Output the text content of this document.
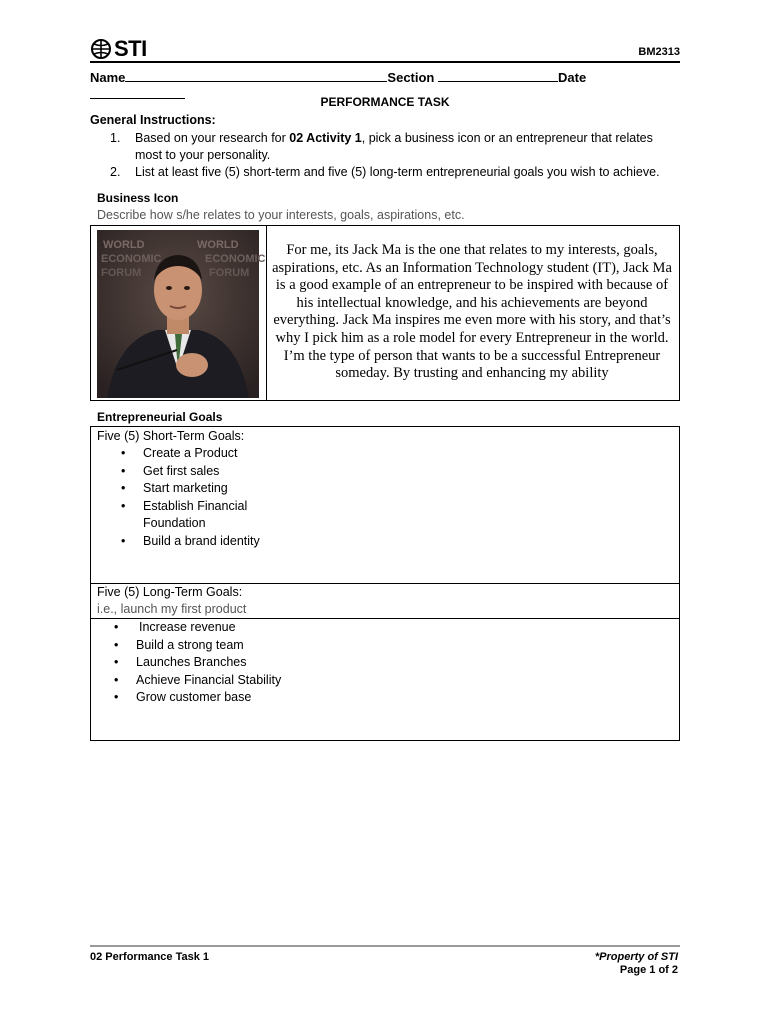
STI	BM2313
Name	Section	Date
PERFORMANCE TASK
General Instructions:
1.	Based on your research for 02 Activity 1, pick a business icon or an entrepreneur that relates most to your personality.
2.	List at least five (5) short-term and five (5) long-term entrepreneurial goals you wish to achieve.
Business Icon
Describe how s/he relates to your interests, goals, aspirations, etc.
WORLD	WORLD
ECONOMIC	ECONOMIC
FORUM	FORUM
For me, its Jack Ma is the one that relates to my interests, goals, aspirations, etc. As an Information Technology student (IT), Jack Ma is a good example of an entrepreneur to be inspired with because of his intellectual knowledge, and his achievements are beyond everything. Jack Ma inspires me even more with his story, and that’s why I pick him as a role model for every Entrepreneur in the world. I’m the type of person that wants to be a successful Entrepreneur someday. By trusting and enhancing my ability
Entrepreneurial Goals
Five (5) Short-Term Goals:
• Create a Product
• Get first sales
• Start marketing
• Establish Financial Foundation
• Build a brand identity
Five (5) Long-Term Goals:
i.e., launch my first product
• Increase revenue
• Build a strong team
• Launches Branches
• Achieve Financial Stability
• Grow customer base
02 Performance Task 1	*Property of STI
Page 1 of 2
